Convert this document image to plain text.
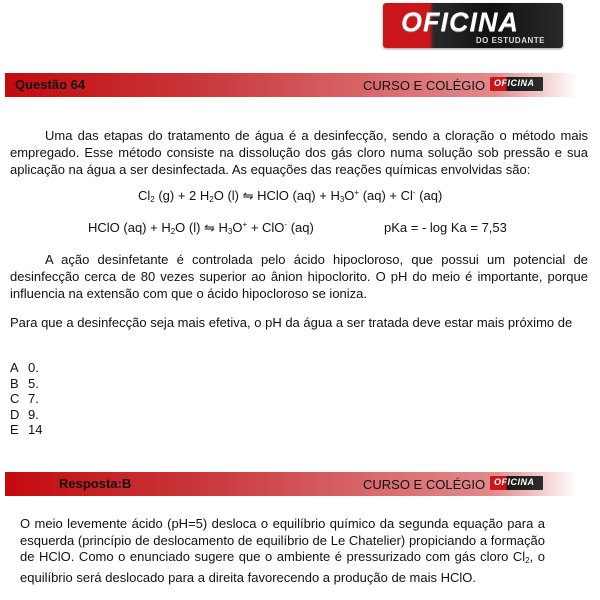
OFICINA
DO ESTUDANTE
Questão 64	CURSO E COLÉGIO OFICINA

Uma das etapas do tratamento de água é a desinfecção, sendo a cloração o método mais empregado. Esse método consiste na dissolução dos gás cloro numa solução sob pressão e sua aplicação na água a ser desinfectada. As equações das reações químicas envolvidas são:

$Cl_2$ (g) + 2 $H_2O$ (l) ⇋ HClO $(aq) + H_3O^+$ (aq) + Cl- (aq)
HClO $(aq) + H_2O$ (l) ⇋ $H_3O^+ + ClO^-$ (aq)	pKa = - log Ka = 7,53

A ação desinfetante é controlada pelo ácido hipocloroso, que possui um potencial de desinfecção cerca de 80 vezes superior ao ânion hipoclorito. O pH do meio é importante, porque influencia na extensão com que o ácido hipocloroso se ioniza.

Para que a desinfecção seja mais efetiva, o pH da água a ser tratada deve estar mais próximo de

A 0.
B 5.
C 7.
D 9.
E 14
Resposta:B	CURSO E COLÉGIO OFICINA

O meio levemente ácido (pH=5) desloca o equilíbrio químico da segunda equação para a esquerda (princípio de deslocamento de equilíbrio de Le Chatelier) propiciando a formação de HClO. Como o enunciado sugere que o ambiente é pressurizado com gás cloro $Cl_2$, o equilíbrio será deslocado para a direita favorecendo a produção de mais HClO.
